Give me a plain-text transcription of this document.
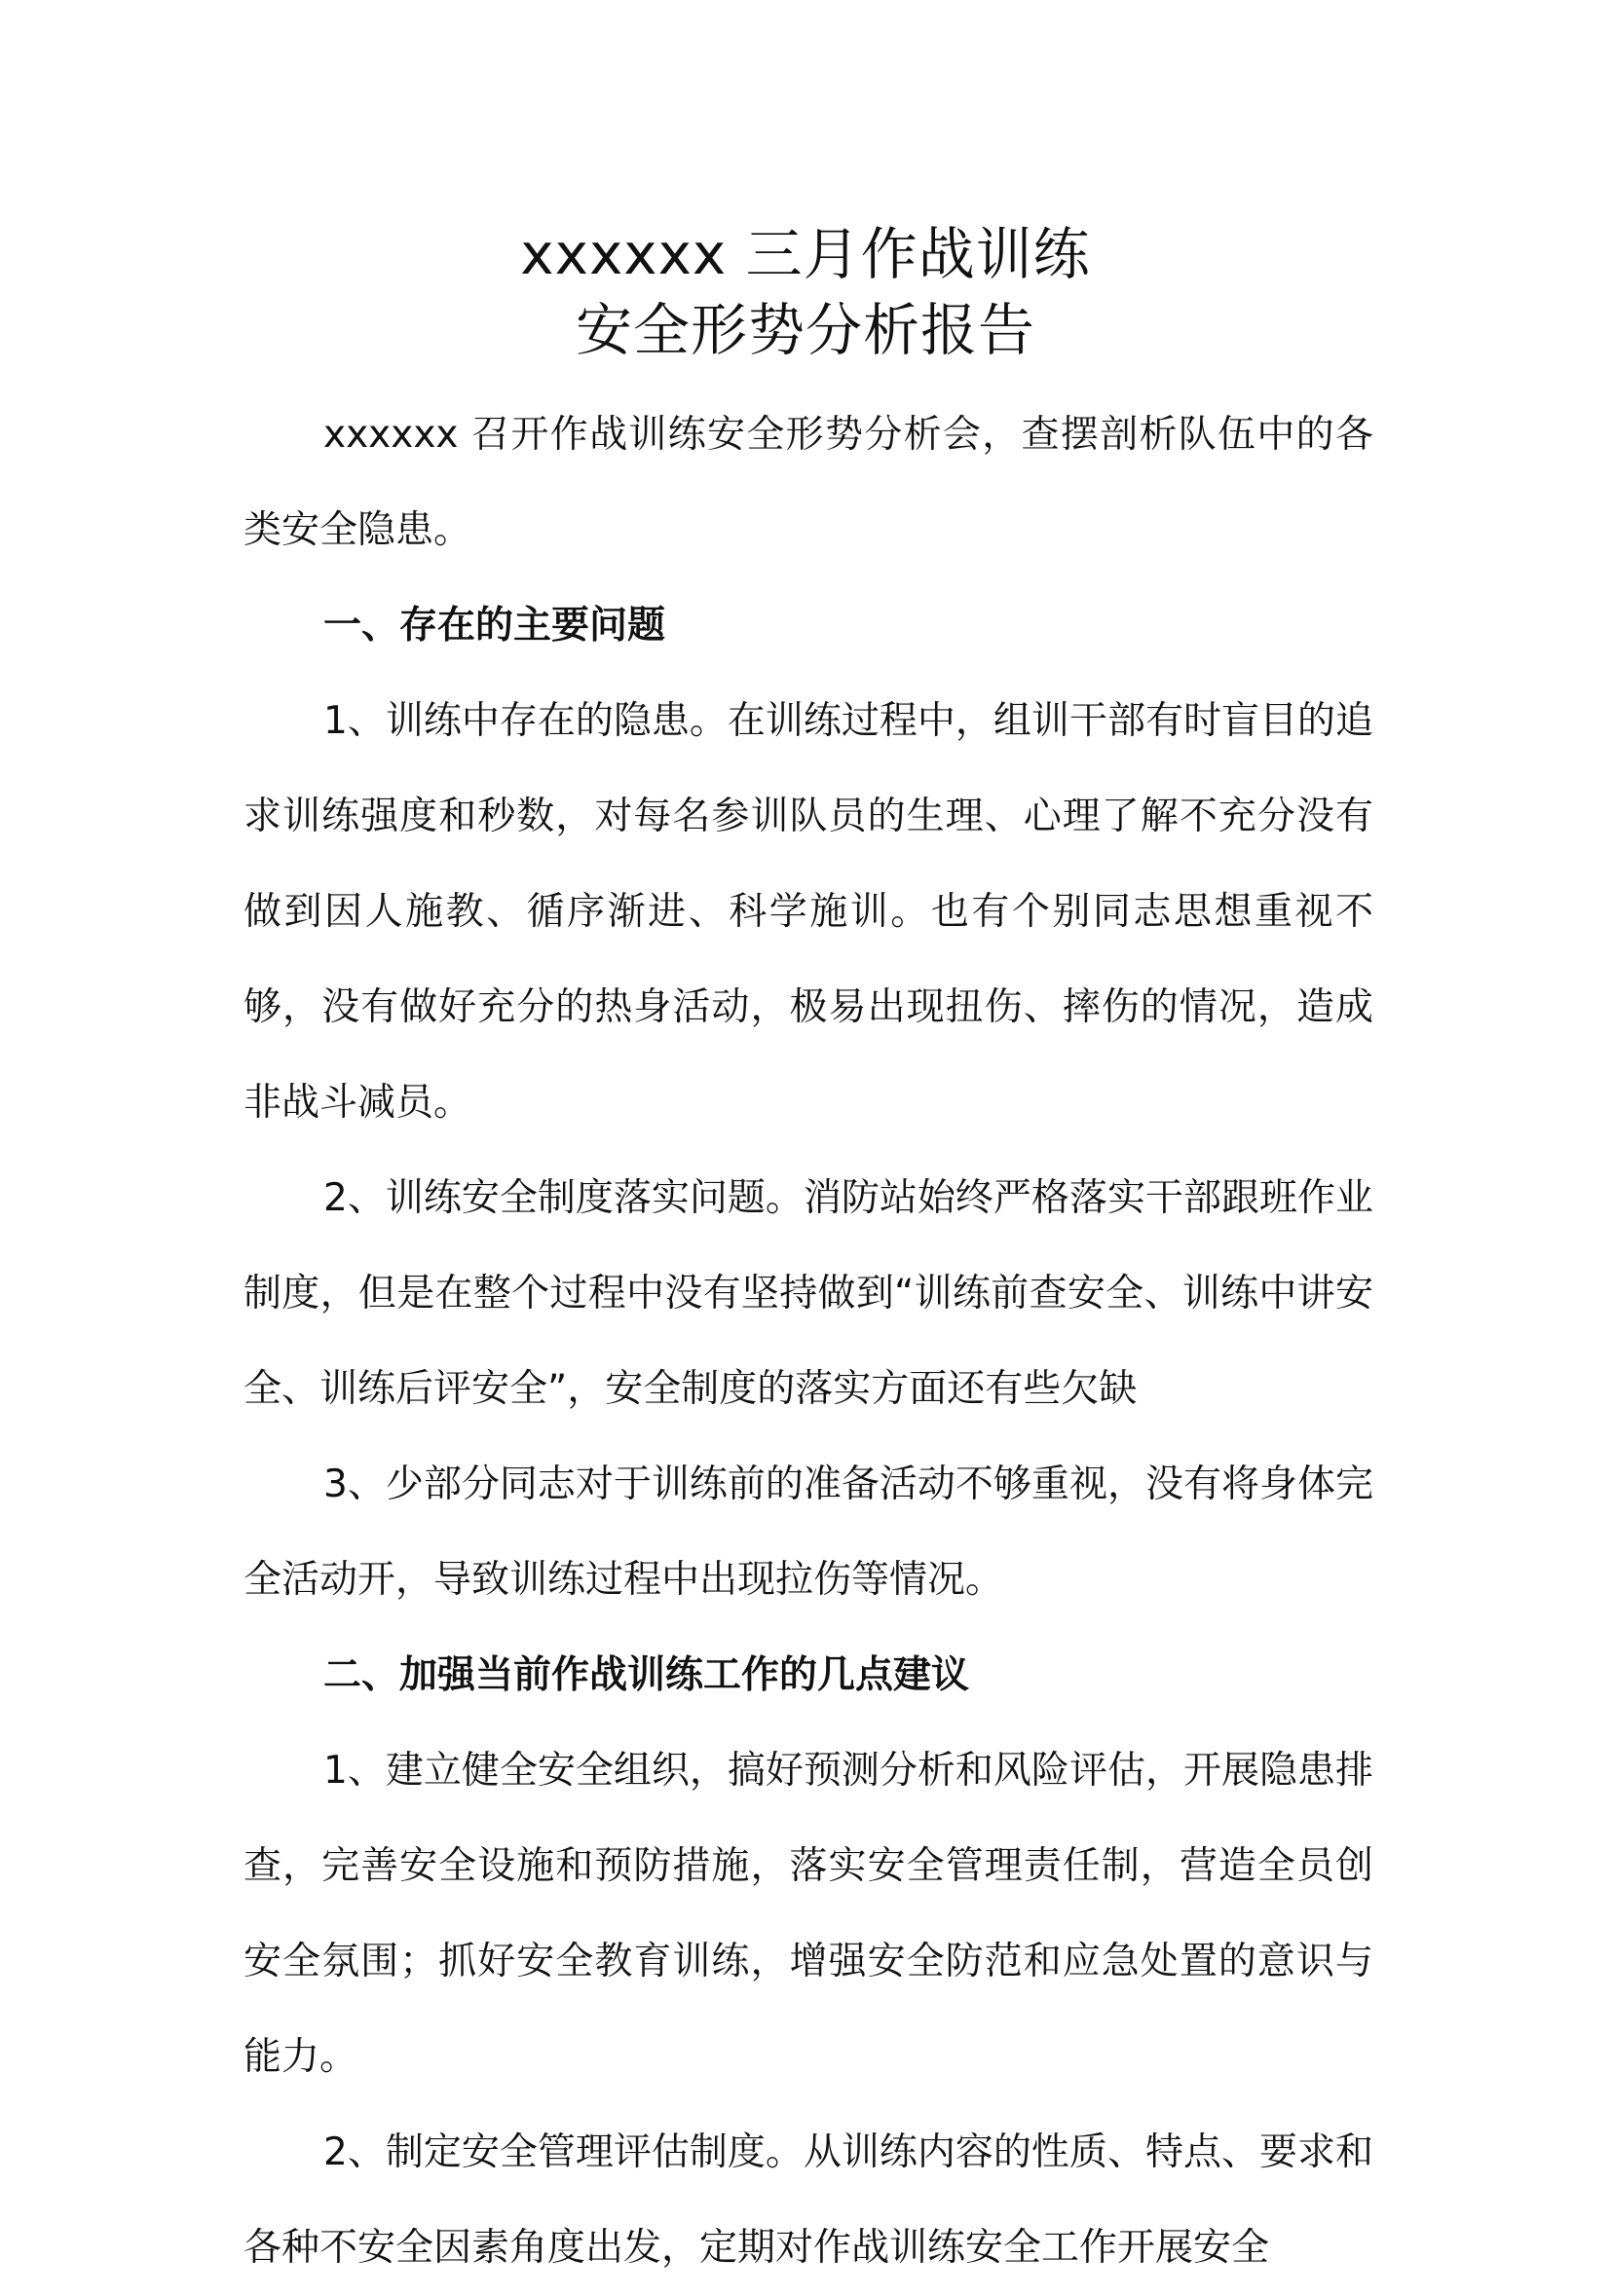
xxxxxx 三月作战训练
安全形势分析报告

xxxxxx 召开作战训练安全形势分析会，查摆剖析队伍中的各类安全隐患。

一、存在的主要问题

1、训练中存在的隐患。在训练过程中，组训干部有时盲目的追求训练强度和秒数，对每名参训队员的生理、心理了解不充分没有做到因人施教、循序渐进、科学施训。也有个别同志思想重视不够，没有做好充分的热身活动，极易出现扭伤、摔伤的情况，造成非战斗减员。

2、训练安全制度落实问题。消防站始终严格落实干部跟班作业制度，但是在整个过程中没有坚持做到“训练前查安全、训练中讲安全、训练后评安全”，安全制度的落实方面还有些欠缺

3、少部分同志对于训练前的准备活动不够重视，没有将身体完全活动开，导致训练过程中出现拉伤等情况。

二、加强当前作战训练工作的几点建议

1、建立健全安全组织，搞好预测分析和风险评估，开展隐患排查，完善安全设施和预防措施，落实安全管理责任制，营造全员创安全氛围；抓好安全教育训练，增强安全防范和应急处置的意识与能力。

2、制定安全管理评估制度。从训练内容的性质、特点、要求和各种不安全因素角度出发，定期对作战训练安全工作开展安全
